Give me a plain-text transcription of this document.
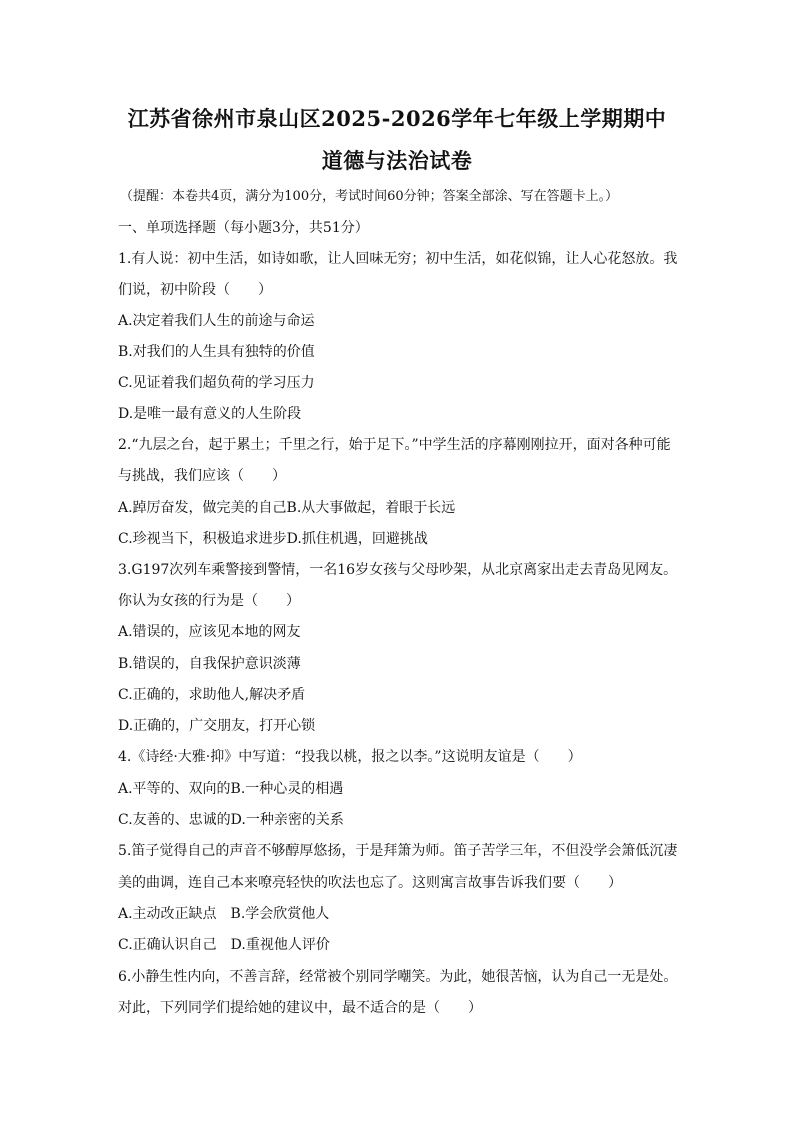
江苏省徐州市泉山区2025-2026学年七年级上学期期中
道德与法治试卷
（提醒：本卷共4页，满分为100分，考试时间60分钟；答案全部涂、写在答题卡上。）
一、单项选择题（每小题3分，共51分）
1.有人说：初中生活，如诗如歌，让人回味无穷；初中生活，如花似锦，让人心花怒放。我
们说，初中阶段（　　）
A.决定着我们人生的前途与命运
B.对我们的人生具有独特的价值
C.见证着我们超负荷的学习压力
D.是唯一最有意义的人生阶段
2.“九层之台，起于累土；千里之行，始于足下。”中学生活的序幕刚刚拉开，面对各种可能
与挑战，我们应该（　　）
A.踔厉奋发，做完美的自己B.从大事做起，着眼于长远
C.珍视当下，积极追求进步D.抓住机遇，回避挑战
3.G197次列车乘警接到警情，一名16岁女孩与父母吵架，从北京离家出走去青岛见网友。
你认为女孩的行为是（　　）
A.错误的，应该见本地的网友
B.错误的，自我保护意识淡薄
C.正确的，求助他人,解决矛盾
D.正确的，广交朋友，打开心锁
4.《诗经·大雅·抑》中写道：“投我以桃，报之以李。”这说明友谊是（　　）
A.平等的、双向的B.一种心灵的相遇
C.友善的、忠诚的D.一种亲密的关系
5.笛子觉得自己的声音不够醇厚悠扬，于是拜箫为师。笛子苦学三年，不但没学会箫低沉凄
美的曲调，连自己本来嘹亮轻快的吹法也忘了。这则寓言故事告诉我们要（　　）
A.主动改正缺点　B.学会欣赏他人
C.正确认识自己　D.重视他人评价
6.小静生性内向，不善言辞，经常被个别同学嘲笑。为此，她很苦恼，认为自己一无是处。
对此，下列同学们提给她的建议中，最不适合的是（　　）
